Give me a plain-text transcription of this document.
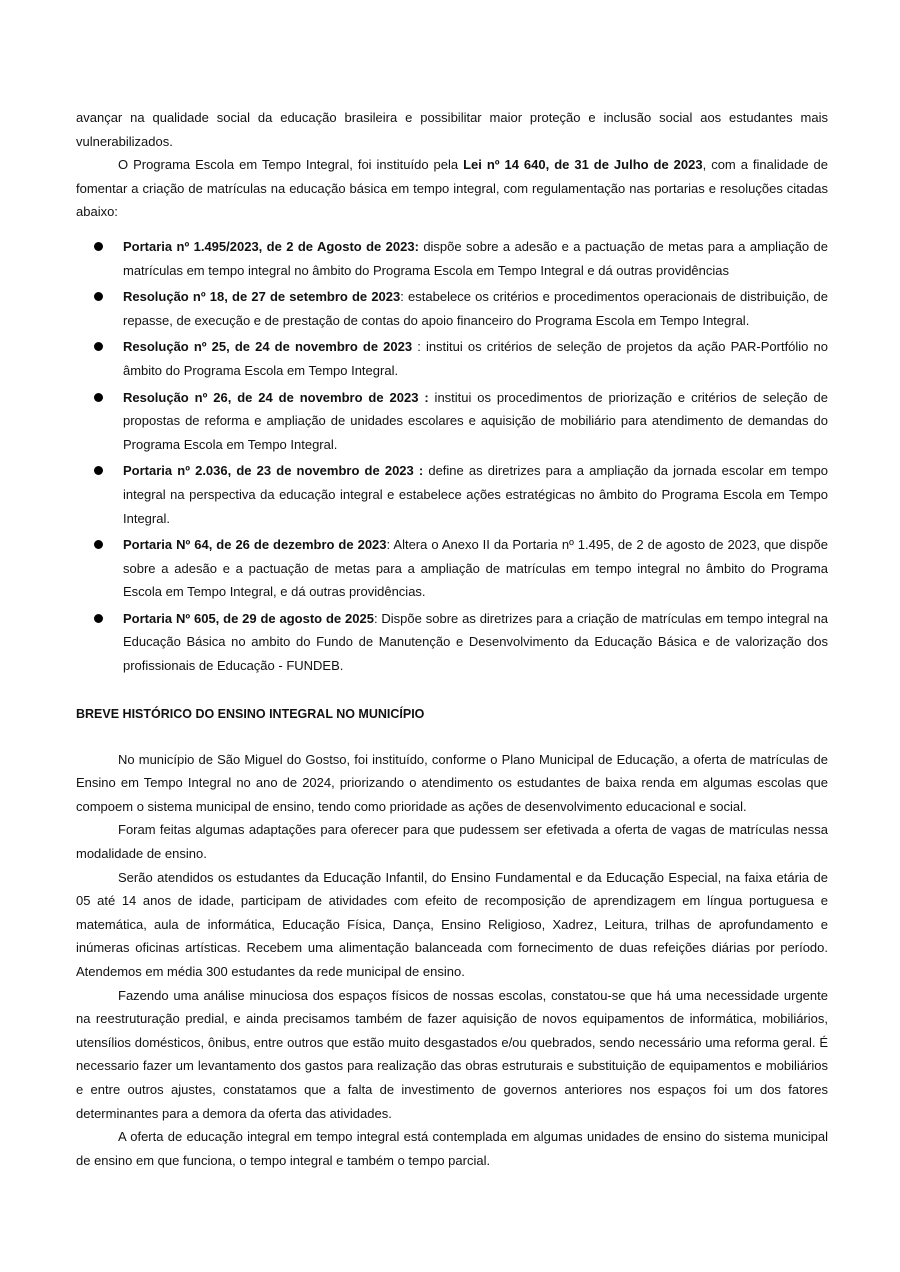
avançar na qualidade social da educação brasileira e possibilitar maior proteção e inclusão social aos estudantes mais vulnerabilizados.

O Programa Escola em Tempo Integral, foi instituído pela Lei nº 14 640, de 31 de Julho de 2023, com a finalidade de fomentar a criação de matrículas na educação básica em tempo integral, com regulamentação nas portarias e resoluções citadas abaixo:

Portaria nº 1.495/2023, de 2 de Agosto de 2023: dispõe sobre a adesão e a pactuação de metas para a ampliação de matrículas em tempo integral no âmbito do Programa Escola em Tempo Integral e dá outras providências
Resolução nº 18, de 27 de setembro de 2023: estabelece os critérios e procedimentos operacionais de distribuição, de repasse, de execução e de prestação de contas do apoio financeiro do Programa Escola em Tempo Integral.
Resolução nº 25, de 24 de novembro de 2023 : institui os critérios de seleção de projetos da ação PAR-Portfólio no âmbito do Programa Escola em Tempo Integral.
Resolução nº 26, de 24 de novembro de 2023 : institui os procedimentos de priorização e critérios de seleção de propostas de reforma e ampliação de unidades escolares e aquisição de mobiliário para atendimento de demandas do Programa Escola em Tempo Integral.
Portaria nº 2.036, de 23 de novembro de 2023 : define as diretrizes para a ampliação da jornada escolar em tempo integral na perspectiva da educação integral e estabelece ações estratégicas no âmbito do Programa Escola em Tempo Integral.
Portaria Nº 64, de 26 de dezembro de 2023: Altera o Anexo II da Portaria nº 1.495, de 2 de agosto de 2023, que dispõe sobre a adesão e a pactuação de metas para a ampliação de matrículas em tempo integral no âmbito do Programa Escola em Tempo Integral, e dá outras providências.
Portaria Nº 605, de 29 de agosto de 2025: Dispõe sobre as diretrizes para a criação de matrículas em tempo integral na Educação Básica no ambito do Fundo de Manutenção e Desenvolvimento da Educação Básica e de valorização dos profissionais de Educação - FUNDEB.
BREVE HISTÓRICO DO ENSINO INTEGRAL NO MUNICÍPIO

No município de São Miguel do Gostso, foi instituído, conforme o Plano Municipal de Educação, a oferta de matrículas de Ensino em Tempo Integral no ano de 2024, priorizando o atendimento os estudantes de baixa renda em algumas escolas que compoem o sistema municipal de ensino, tendo como prioridade as ações de desenvolvimento educacional e social.

Foram feitas algumas adaptações para oferecer para que pudessem ser efetivada a oferta de vagas de matrículas nessa modalidade de ensino.

Serão atendidos os estudantes da Educação Infantil, do Ensino Fundamental e da Educação Especial, na faixa etária de 05 até 14 anos de idade, participam de atividades com efeito de recomposição de aprendizagem em língua portuguesa e matemática, aula de informática, Educação Física, Dança, Ensino Religioso, Xadrez, Leitura, trilhas de aprofundamento e inúmeras oficinas artísticas. Recebem uma alimentação balanceada com fornecimento de duas refeições diárias por período. Atendemos em média 300 estudantes da rede municipal de ensino.

Fazendo uma análise minuciosa dos espaços físicos de nossas escolas, constatou-se que há uma necessidade urgente na reestruturação predial, e ainda precisamos também de fazer aquisição de novos equipamentos de informática, mobiliários, utensílios domésticos, ônibus, entre outros que estão muito desgastados e/ou quebrados, sendo necessário uma reforma geral. É necessario fazer um levantamento dos gastos para realização das obras estruturais e substituição de equipamentos e mobiliários e entre outros ajustes, constatamos que a falta de investimento de governos anteriores nos espaços foi um dos fatores determinantes para a demora da oferta das atividades.

A oferta de educação integral em tempo integral está contemplada em algumas unidades de ensino do sistema municipal de ensino em que funciona, o tempo integral e também o tempo parcial.
